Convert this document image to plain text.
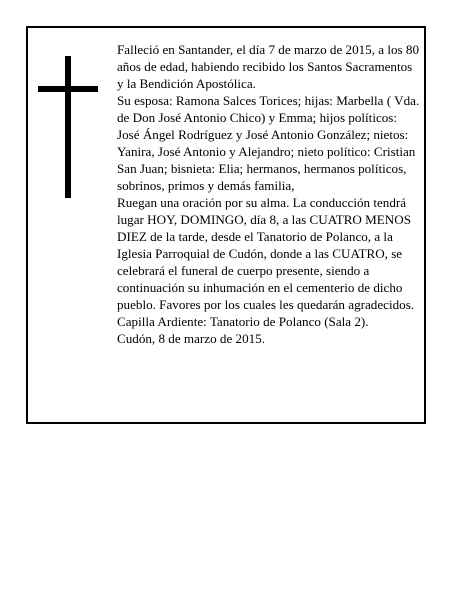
Falleció en Santander, el día 7 de marzo de 2015, a los 80 años de edad, habiendo recibido los Santos Sacramentos y la Bendición Apostólica.

Su esposa: Ramona Salces Torices; hijas: Marbella ( Vda. de Don José Antonio Chico) y Emma; hijos políticos: José Ángel Rodríguez y José Antonio González; nietos: Yanira, José Antonio y Alejandro; nieto político: Cristian San Juan; bisnieta: Elia; hermanos, hermanos políticos, sobrinos, primos y demás familia,

Ruegan una oración por su alma. La conducción tendrá lugar HOY, DOMINGO, día 8, a las CUATRO MENOS DIEZ de la tarde, desde el Tanatorio de Polanco, a la Iglesia Parroquial de Cudón, donde a las CUATRO, se celebrará el funeral de cuerpo presente, siendo a continuación su inhumación en el cementerio de dicho pueblo. Favores por los cuales les quedarán agradecidos. Capilla Ardiente: Tanatorio de Polanco (Sala 2).

Cudón, 8 de marzo de 2015.
